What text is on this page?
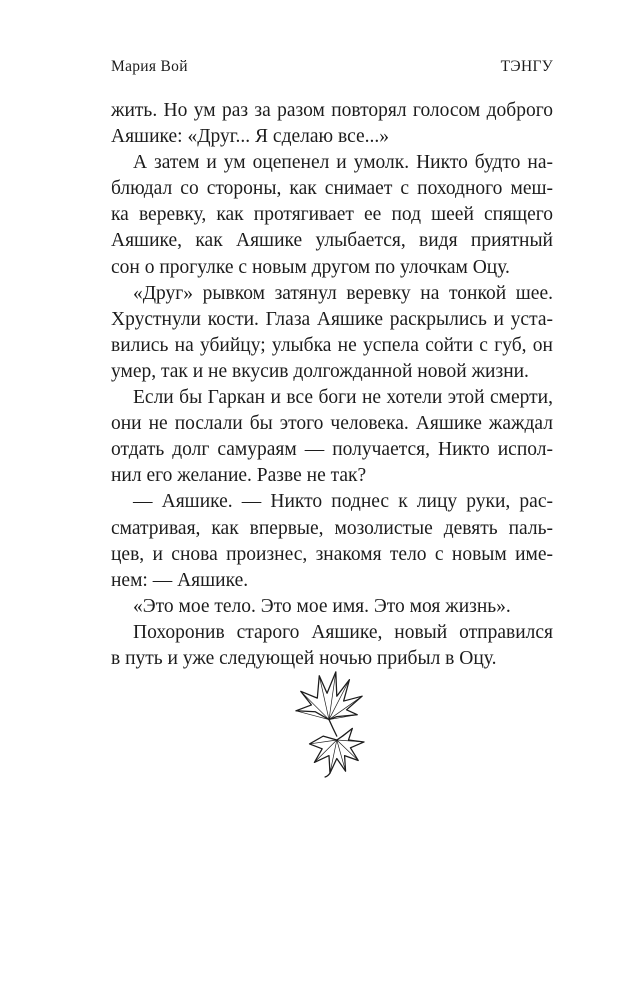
Мария Вой	ТЭНГУ
жить. Но ум раз за разом повторял голосом доброго
Аяшике: «Друг... Я сделаю все...»
А затем и ум оцепенел и умолк. Никто будто на-
блюдал со стороны, как снимает с походного меш-
ка веревку, как протягивает ее под шеей спящего
Аяшике, как Аяшике улыбается, видя приятный
сон о прогулке с новым другом по улочкам Оцу.
«Друг» рывком затянул веревку на тонкой шее.
Хрустнули кости. Глаза Аяшике раскрылись и уста-
вились на убийцу; улыбка не успела сойти с губ, он
умер, так и не вкусив долгожданной новой жизни.
Если бы Гаркан и все боги не хотели этой смерти,
они не послали бы этого человека. Аяшике жаждал
отдать долг самураям — получается, Никто испол-
нил его желание. Разве не так?
— Аяшике. — Никто поднес к лицу руки, рас-
сматривая, как впервые, мозолистые девять паль-
цев, и снова произнес, знакомя тело с новым име-
нем: — Аяшике.
«Это мое тело. Это мое имя. Это моя жизнь».
Похоронив старого Аяшике, новый отправился
в путь и уже следующей ночью прибыл в Оцу.
